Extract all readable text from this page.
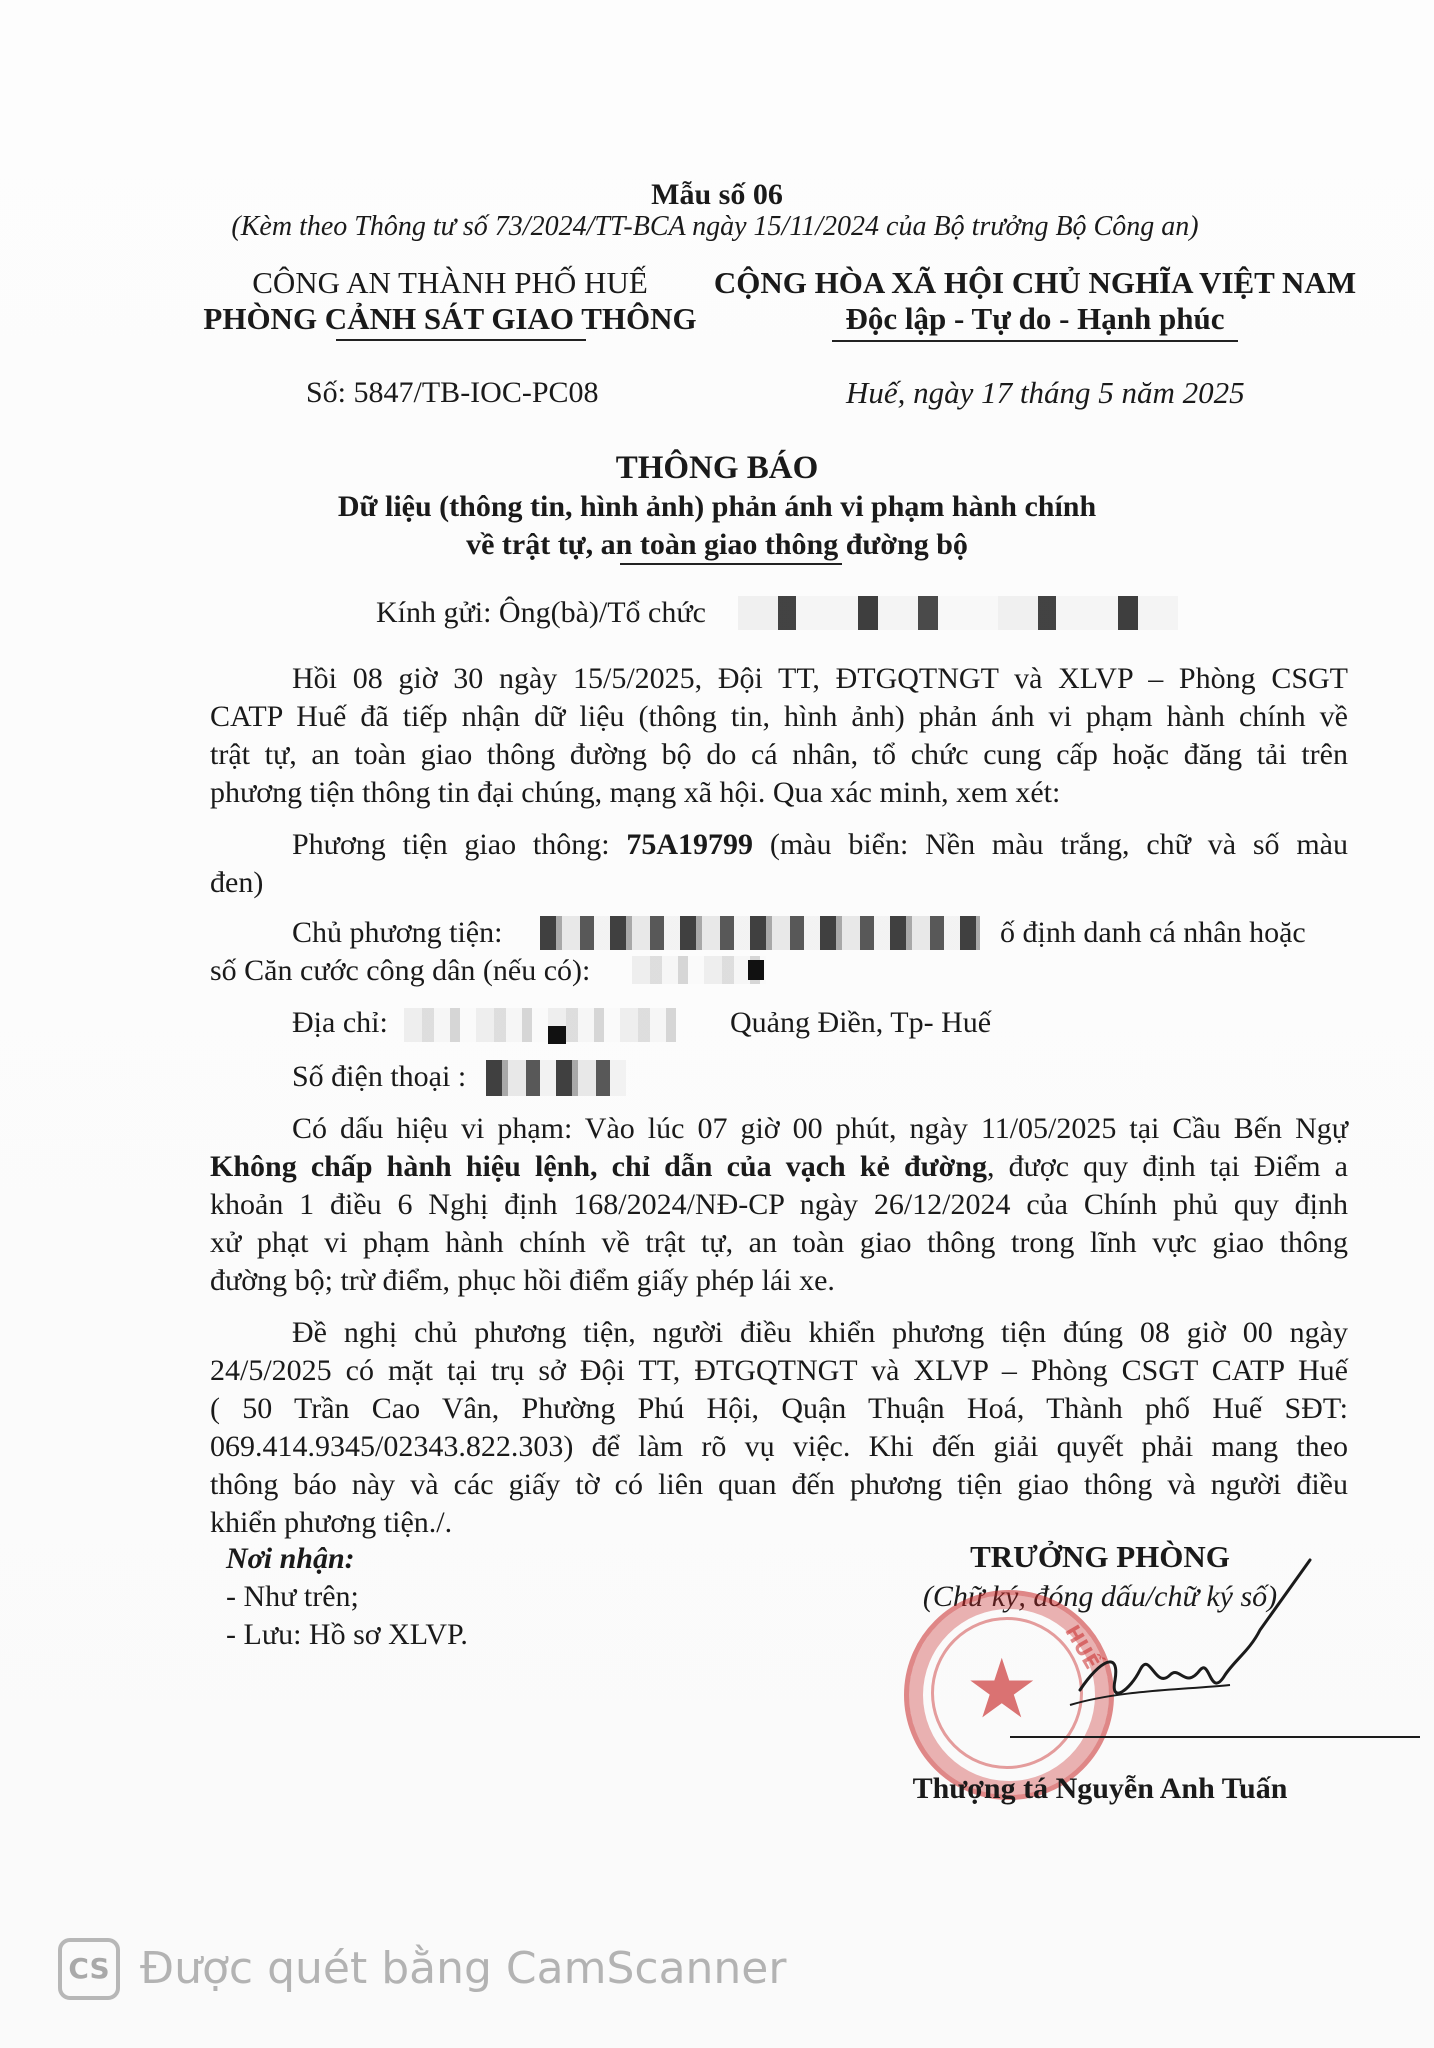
Mẫu số 06
(Kèm theo Thông tư số 73/2024/TT-BCA ngày 15/11/2024 của Bộ trưởng Bộ Công an)
CÔNG AN THÀNH PHỐ HUẾ
PHÒNG CẢNH SÁT GIAO THÔNG
CỘNG HÒA XÃ HỘI CHỦ NGHĨA VIỆT NAM
Độc lập - Tự do - Hạnh phúc
Số: 5847/TB-IOC-PC08	Huế, ngày 17 tháng 5 năm 2025
THÔNG BÁO
Dữ liệu (thông tin, hình ảnh) phản ánh vi phạm hành chính
về trật tự, an toàn giao thông đường bộ
Kính gửi: Ông(bà)/Tổ chức
Hồi 08 giờ 30 ngày 15/5/2025, Đội TT, ĐTGQTNGT và XLVP – Phòng CSGT
CATP Huế đã tiếp nhận dữ liệu (thông tin, hình ảnh) phản ánh vi phạm hành chính về
trật tự, an toàn giao thông đường bộ do cá nhân, tổ chức cung cấp hoặc đăng tải trên
phương tiện thông tin đại chúng, mạng xã hội. Qua xác minh, xem xét:
Phương tiện giao thông: 75A19799 (màu biển: Nền màu trắng, chữ và số màu
đen)
Chủ phương tiện:	ố định danh cá nhân hoặc
số Căn cước công dân (nếu có):
Địa chỉ:	Quảng Điền, Tp- Huế
Số điện thoại :
Có dấu hiệu vi phạm: Vào lúc 07 giờ 00 phút, ngày 11/05/2025 tại Cầu Bến Ngự
Không chấp hành hiệu lệnh, chỉ dẫn của vạch kẻ đường, được quy định tại Điểm a
khoản 1 điều 6 Nghị định 168/2024/NĐ-CP ngày 26/12/2024 của Chính phủ quy định
xử phạt vi phạm hành chính về trật tự, an toàn giao thông trong lĩnh vực giao thông
đường bộ; trừ điểm, phục hồi điểm giấy phép lái xe.
Đề nghị chủ phương tiện, người điều khiển phương tiện đúng 08 giờ 00 ngày
24/5/2025 có mặt tại trụ sở Đội TT, ĐTGQTNGT và XLVP – Phòng CSGT CATP Huế
( 50 Trần Cao Vân, Phường Phú Hội, Quận Thuận Hoá, Thành phố Huế SĐT:
069.414.9345/02343.822.303) để làm rõ vụ việc. Khi đến giải quyết phải mang theo
thông báo này và các giấy tờ có liên quan đến phương tiện giao thông và người điều
khiển phương tiện./.
Nơi nhận:
- Như trên;
- Lưu: Hồ sơ XLVP.
TRƯỞNG PHÒNG
(Chữ ký, đóng dấu/chữ ký số)
★ HUẾ
Thượng tá Nguyễn Anh Tuấn
CS Được quét bằng CamScanner
